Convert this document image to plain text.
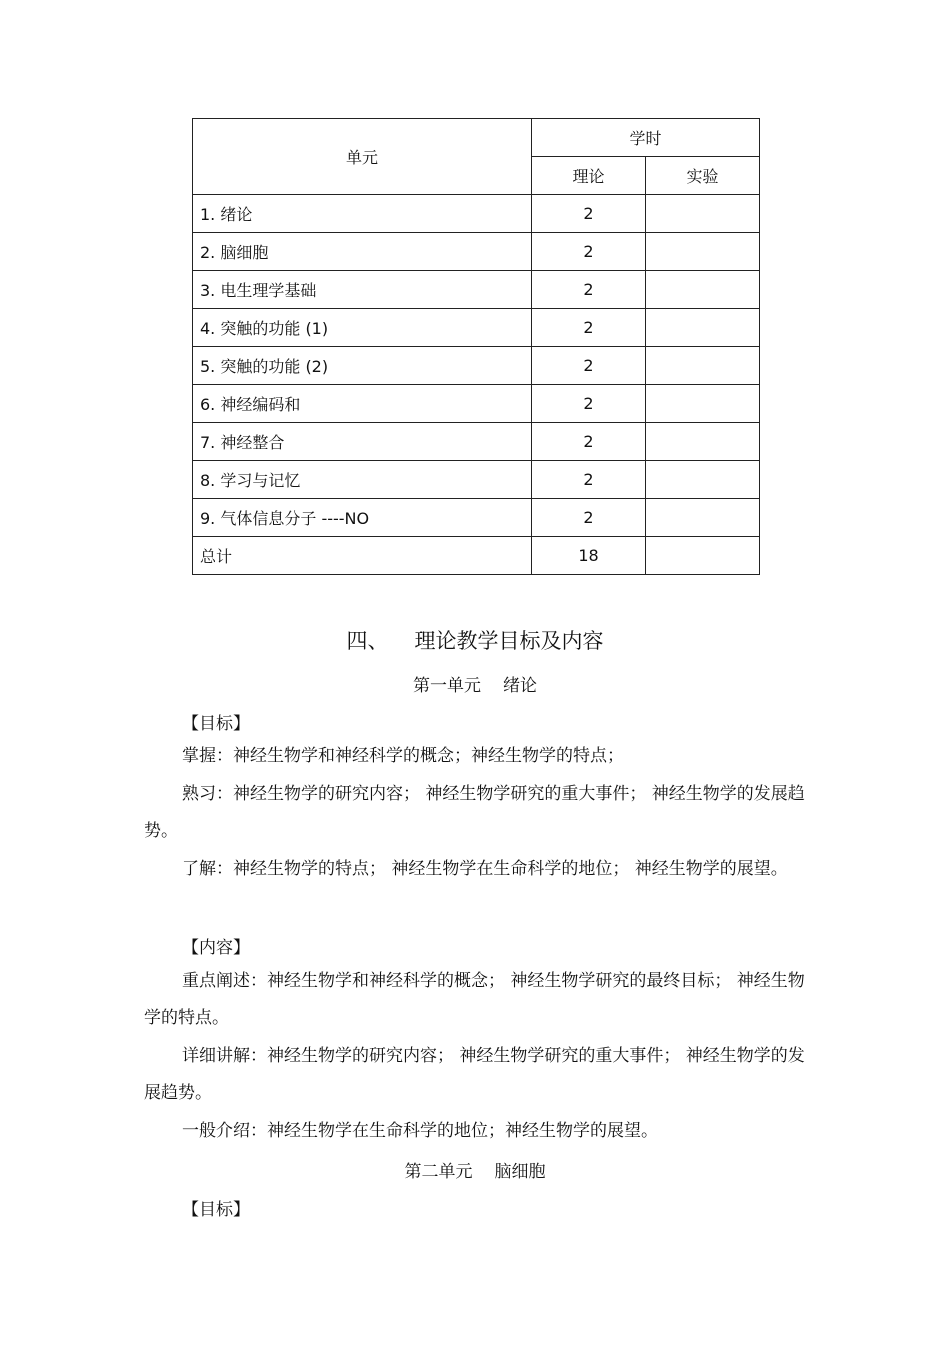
单元	学时	
	理论	实验
1. 绪论	2	
2. 脑细胞	2	
3. 电生理学基础	2	
4. 突触的功能 (1)	2	
5. 突触的功能 (2)	2	
6. 神经编码和	2	
7. 神经整合	2	
8. 学习与记忆	2	
9. 气体信息分子 ----NO	2	
总计	18	
四、 理论教学目标及内容
第一单元 绪论
【目标】
掌握：神经生物学和神经科学的概念；神经生物学的特点；
熟习：神经生物学的研究内容； 神经生物学研究的重大事件； 神经生物学的发展趋势。
了解：神经生物学的特点； 神经生物学在生命科学的地位； 神经生物学的展望。
【内容】
重点阐述：神经生物学和神经科学的概念； 神经生物学研究的最终目标； 神经生物学的特点。
详细讲解：神经生物学的研究内容； 神经生物学研究的重大事件； 神经生物学的发展趋势。
一般介绍：神经生物学在生命科学的地位；神经生物学的展望。
第二单元 脑细胞
【目标】
